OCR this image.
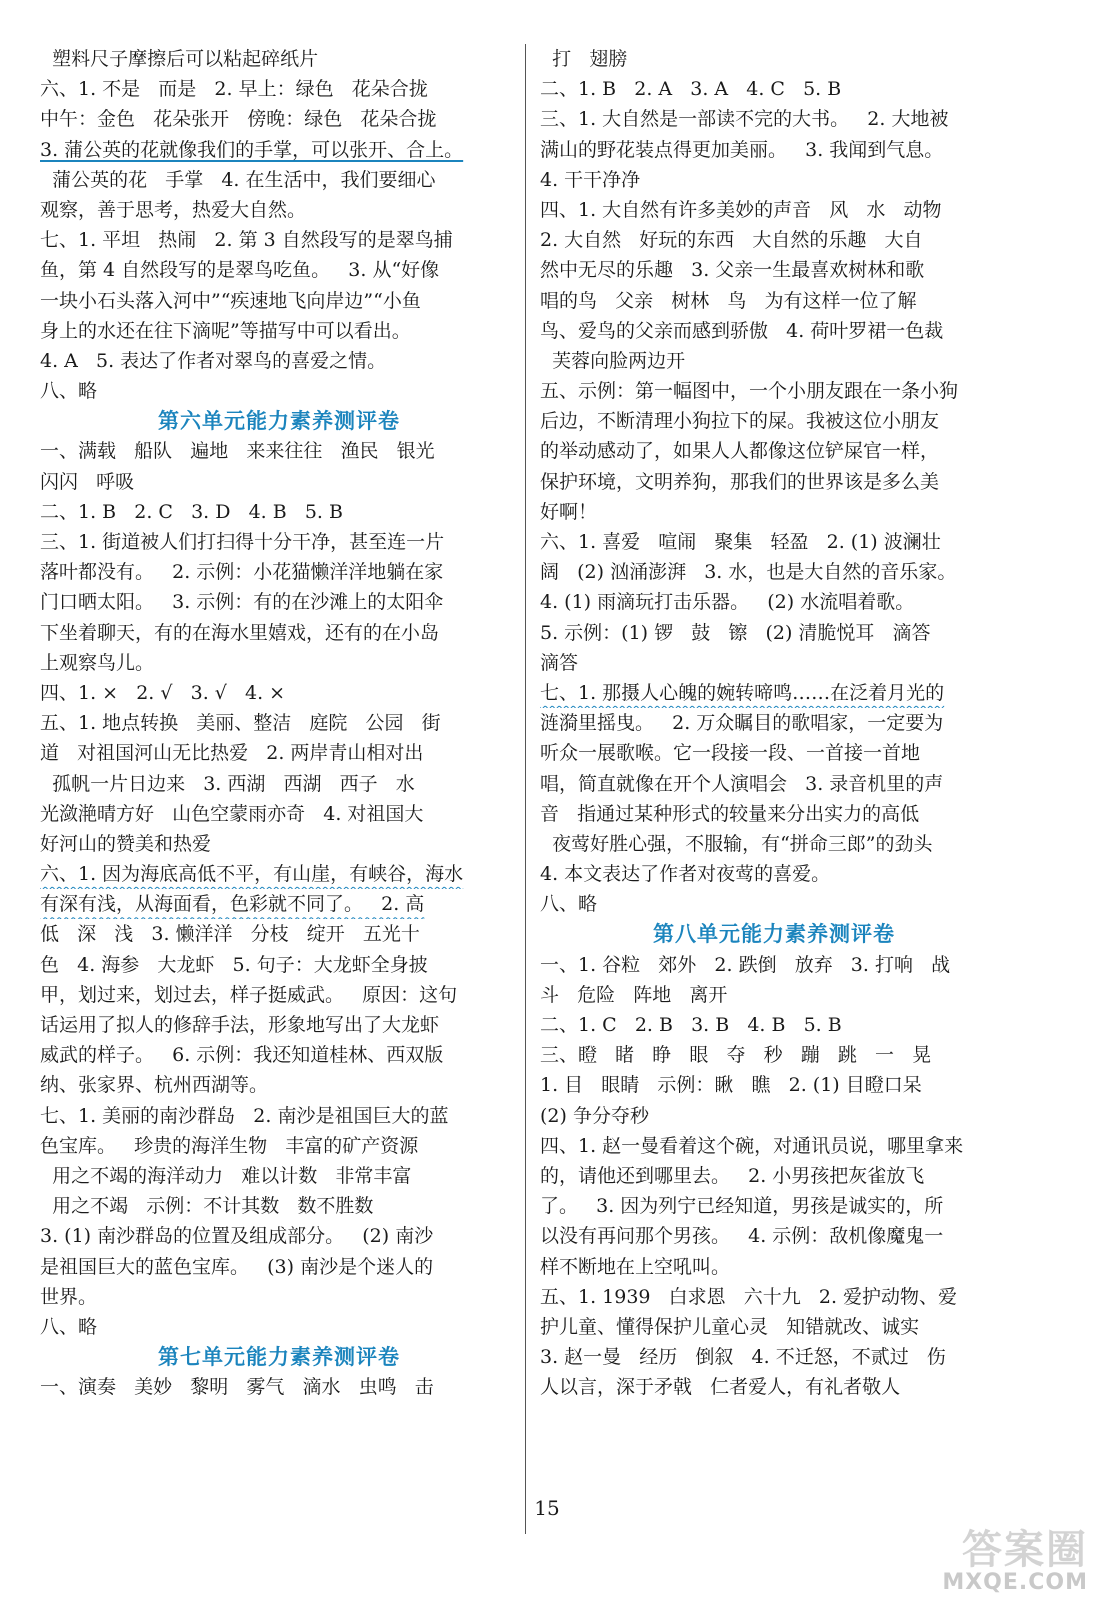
塑料尺子摩擦后可以粘起碎纸片
六、1. 不是   而是   2. 早上：绿色   花朵合拢
中午：金色   花朵张开   傍晚：绿色   花朵合拢
3. 蒲公英的花就像我们的手掌，可以张开、合上。
蒲公英的花   手掌   4. 在生活中，我们要细心
观察，善于思考，热爱大自然。
七、1. 平坦   热闹   2. 第 3 自然段写的是翠鸟捕
鱼，第 4 自然段写的是翠鸟吃鱼。   3. 从“好像
一块小石头落入河中”“疾速地飞向岸边”“小鱼
身上的水还在往下滴呢”等描写中可以看出。
4. A   5. 表达了作者对翠鸟的喜爱之情。
八、略
第六单元能力素养测评卷
一、满载   船队   遍地   来来往往   渔民   银光
闪闪   呼吸
二、1. B   2. C   3. D   4. B   5. B
三、1. 街道被人们打扫得十分干净，甚至连一片
落叶都没有。   2. 示例：小花猫懒洋洋地躺在家
门口晒太阳。   3. 示例：有的在沙滩上的太阳伞
下坐着聊天，有的在海水里嬉戏，还有的在小岛
上观察鸟儿。
四、1. ×   2. √   3. √   4. ×
五、1. 地点转换   美丽、整洁   庭院   公园   街
道   对祖国河山无比热爱   2. 两岸青山相对出
孤帆一片日边来   3. 西湖   西湖   西子   水
光潋滟晴方好   山色空蒙雨亦奇   4. 对祖国大
好河山的赞美和热爱
六、1. 因为海底高低不平，有山崖，有峡谷，海水
有深有浅，从海面看，色彩就不同了。   2. 高
低   深   浅   3. 懒洋洋   分枝   绽开   五光十
色   4. 海参   大龙虾   5. 句子：大龙虾全身披
甲，划过来，划过去，样子挺威武。   原因：这句
话运用了拟人的修辞手法，形象地写出了大龙虾
威武的样子。   6. 示例：我还知道桂林、西双版
纳、张家界、杭州西湖等。
七、1. 美丽的南沙群岛   2. 南沙是祖国巨大的蓝
色宝库。   珍贵的海洋生物   丰富的矿产资源
用之不竭的海洋动力   难以计数   非常丰富
用之不竭   示例：不计其数   数不胜数
3. (1) 南沙群岛的位置及组成部分。   (2) 南沙
是祖国巨大的蓝色宝库。   (3) 南沙是个迷人的
世界。
八、略
第七单元能力素养测评卷
一、演奏   美妙   黎明   雾气   滴水   虫鸣   击
打   翅膀
二、1. B   2. A   3. A   4. C   5. B
三、1. 大自然是一部读不完的大书。   2. 大地被
满山的野花装点得更加美丽。   3. 我闻到气息。
4. 干干净净
四、1. 大自然有许多美妙的声音   风   水   动物
2. 大自然   好玩的东西   大自然的乐趣   大自
然中无尽的乐趣   3. 父亲一生最喜欢树林和歌
唱的鸟   父亲   树林   鸟   为有这样一位了解
鸟、爱鸟的父亲而感到骄傲   4. 荷叶罗裙一色裁
芙蓉向脸两边开
五、示例：第一幅图中，一个小朋友跟在一条小狗
后边，不断清理小狗拉下的屎。我被这位小朋友
的举动感动了，如果人人都像这位铲屎官一样，
保护环境，文明养狗，那我们的世界该是多么美
好啊！
六、1. 喜爱   喧闹   聚集   轻盈   2. (1) 波澜壮
阔   (2) 汹涌澎湃   3. 水，也是大自然的音乐家。
4. (1) 雨滴玩打击乐器。   (2) 水流唱着歌。
5. 示例：(1) 锣   鼓   镲   (2) 清脆悦耳   滴答
滴答
七、1. 那摄人心魄的婉转啼鸣……在泛着月光的
涟漪里摇曳。   2. 万众瞩目的歌唱家，一定要为
听众一展歌喉。它一段接一段、一首接一首地
唱，简直就像在开个人演唱会   3. 录音机里的声
音   指通过某种形式的较量来分出实力的高低
夜莺好胜心强，不服输，有“拼命三郎”的劲头
4. 本文表达了作者对夜莺的喜爱。
八、略
第八单元能力素养测评卷
一、1. 谷粒   郊外   2. 跌倒   放弃   3. 打响   战
斗   危险   阵地   离开
二、1. C   2. B   3. B   4. B   5. B
三、瞪   睹   睁   眼   夺   秒   蹦   跳   一   晃
1. 目   眼睛   示例：瞅   瞧   2. (1) 目瞪口呆
(2) 争分夺秒
四、1. 赵一曼看着这个碗，对通讯员说，哪里拿来
的，请他还到哪里去。   2. 小男孩把灰雀放飞
了。   3. 因为列宁已经知道，男孩是诚实的，所
以没有再问那个男孩。   4. 示例：敌机像魔鬼一
样不断地在上空吼叫。
五、1. 1939   白求恩   六十九   2. 爱护动物、爱
护儿童、懂得保护儿童心灵   知错就改、诚实
3. 赵一曼   经历   倒叙   4. 不迁怒，不贰过   伤
人以言，深于矛戟   仁者爱人，有礼者敬人
15
答案圈
MXQE.COM
